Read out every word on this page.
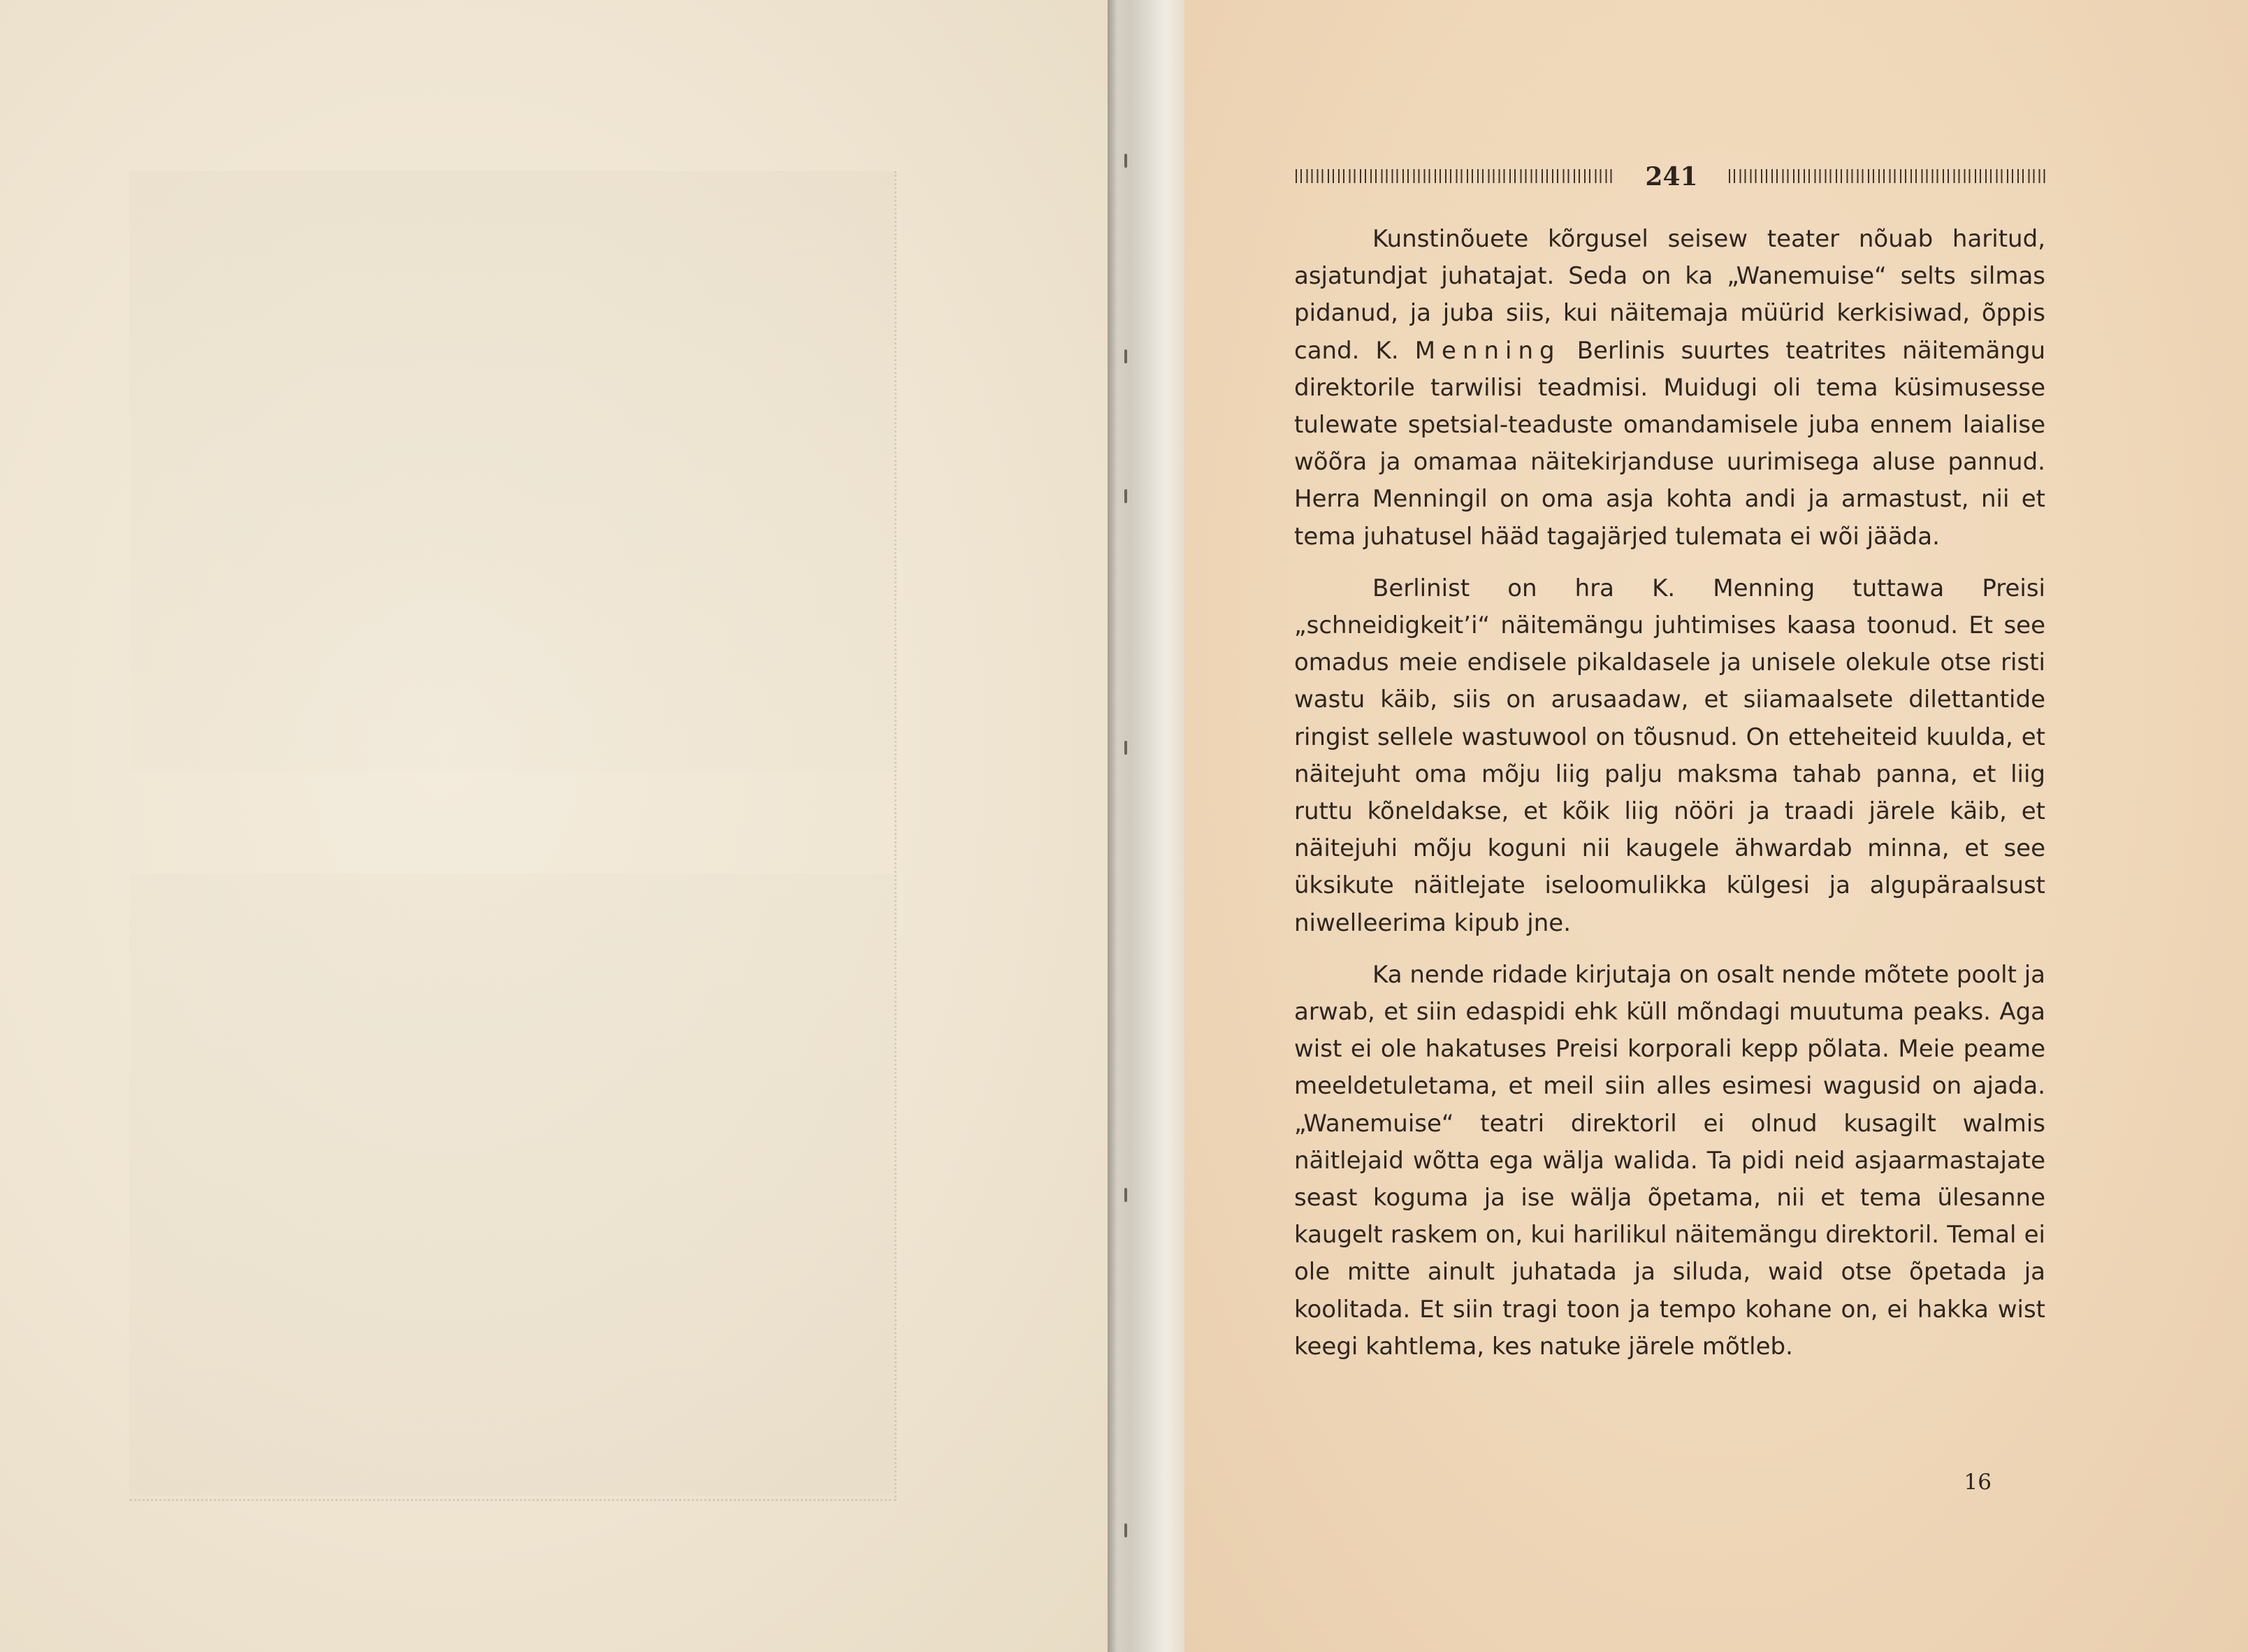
241

Kunstinõuete kõrgusel seisew teater nõuab haritud, asjatundjat juhatajat. Seda on ka „Wanemuise“ selts silmas pidanud, ja juba siis, kui näitemaja müürid kerkisiwad, õppis cand. K. Menning Berlinis suurtes teatrites näitemängu direktorile tarwilisi teadmisi. Muidugi oli tema küsimusesse tulewate spetsial-teaduste omandamisele juba ennem laialise wõõra ja omamaa näitekirjanduse uurimisega aluse pannud. Herra Menningil on oma asja kohta andi ja armastust, nii et tema juhatusel hääd tagajärjed tulemata ei wõi jääda.

Berlinist on hra K. Menning tuttawa Preisi „schneidigkeit’i“ näitemängu juhtimises kaasa toonud. Et see omadus meie endisele pikaldasele ja unisele olekule otse risti wastu käib, siis on arusaadaw, et siiamaalsete dilettantide ringist sellele wastuwool on tõusnud. On etteheiteid kuulda, et näitejuht oma mõju liig palju maksma tahab panna, et liig ruttu kõneldakse, et kõik liig nööri ja traadi järele käib, et näitejuhi mõju koguni nii kaugele ähwardab minna, et see üksikute näitlejate iseloomulikka külgesi ja algupäraalsust niwelleerima kipub jne.

Ka nende ridade kirjutaja on osalt nende mõtete poolt ja arwab, et siin edaspidi ehk küll mõndagi muutuma peaks. Aga wist ei ole hakatuses Preisi korporali kepp põlata. Meie peame meeldetuletama, et meil siin alles esimesi wagusid on ajada. „Wanemuise“ teatri direktoril ei olnud kusagilt walmis näitlejaid wõtta ega wälja walida. Ta pidi neid asjaarmastajate seast koguma ja ise wälja õpetama, nii et tema ülesanne kaugelt raskem on, kui harilikul näitemängu direktoril. Temal ei ole mitte ainult juhatada ja siluda, waid otse õpetada ja koolitada. Et siin tragi toon ja tempo kohane on, ei hakka wist keegi kahtlema, kes natuke järele mõtleb.

16
